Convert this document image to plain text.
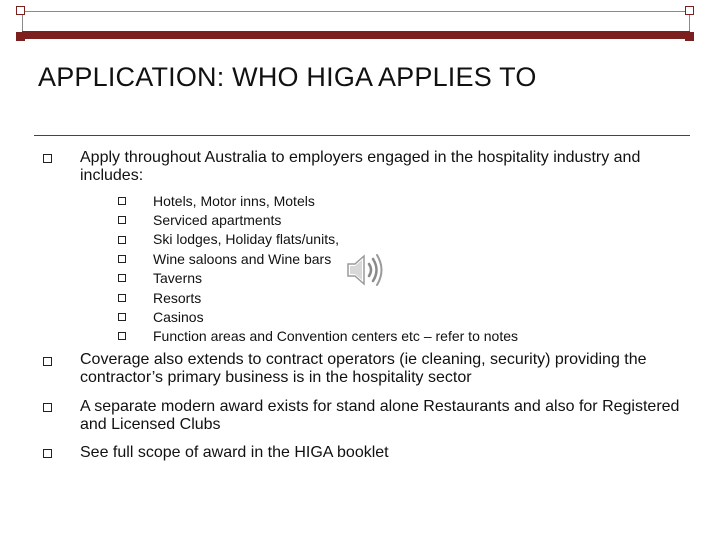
APPLICATION: WHO HIGA APPLIES TO
Apply throughout Australia to employers engaged in the hospitality industry and includes:
Hotels, Motor inns, Motels
Serviced apartments
Ski lodges, Holiday flats/units,
Wine saloons and Wine bars
Taverns
Resorts
Casinos
Function areas and Convention centers etc – refer to notes
Coverage also extends to contract operators (ie cleaning, security) providing the contractor’s primary business is in the hospitality sector
A separate modern award exists for stand alone Restaurants and also for Registered and Licensed Clubs
See full scope of award in the HIGA booklet
